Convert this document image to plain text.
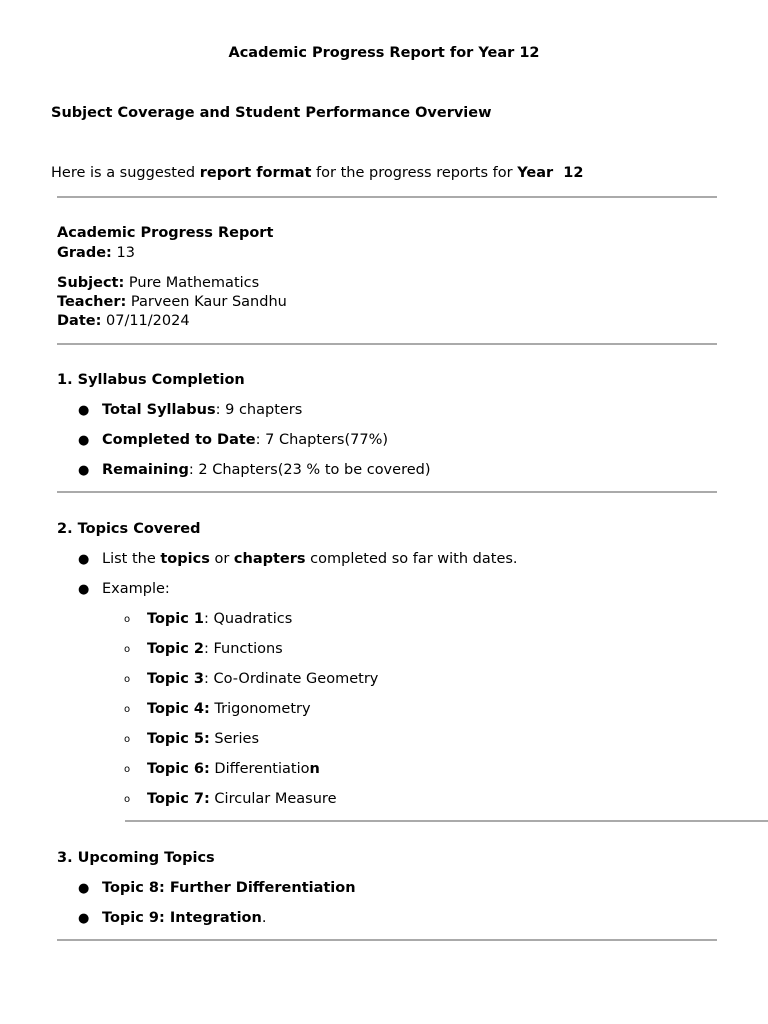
Academic Progress Report for Year 12
Subject Coverage and Student Performance Overview
Here is a suggested report format for the progress reports for Year  12
Academic Progress Report
Grade: 13
Subject: Pure Mathematics
Teacher: Parveen Kaur Sandhu
Date: 07/11/2024
1. Syllabus Completion
● Total Syllabus: 9 chapters
● Completed to Date: 7 Chapters(77%)
● Remaining: 2 Chapters(23 % to be covered)
2. Topics Covered
● List the topics or chapters completed so far with dates.
● Example:
o Topic 1: Quadratics
o Topic 2: Functions
o Topic 3: Co-Ordinate Geometry
o Topic 4: Trigonometry
o Topic 5: Series
o Topic 6: Differentiation
o Topic 7: Circular Measure
3. Upcoming Topics
● Topic 8: Further Differentiation
● Topic 9: Integration.
